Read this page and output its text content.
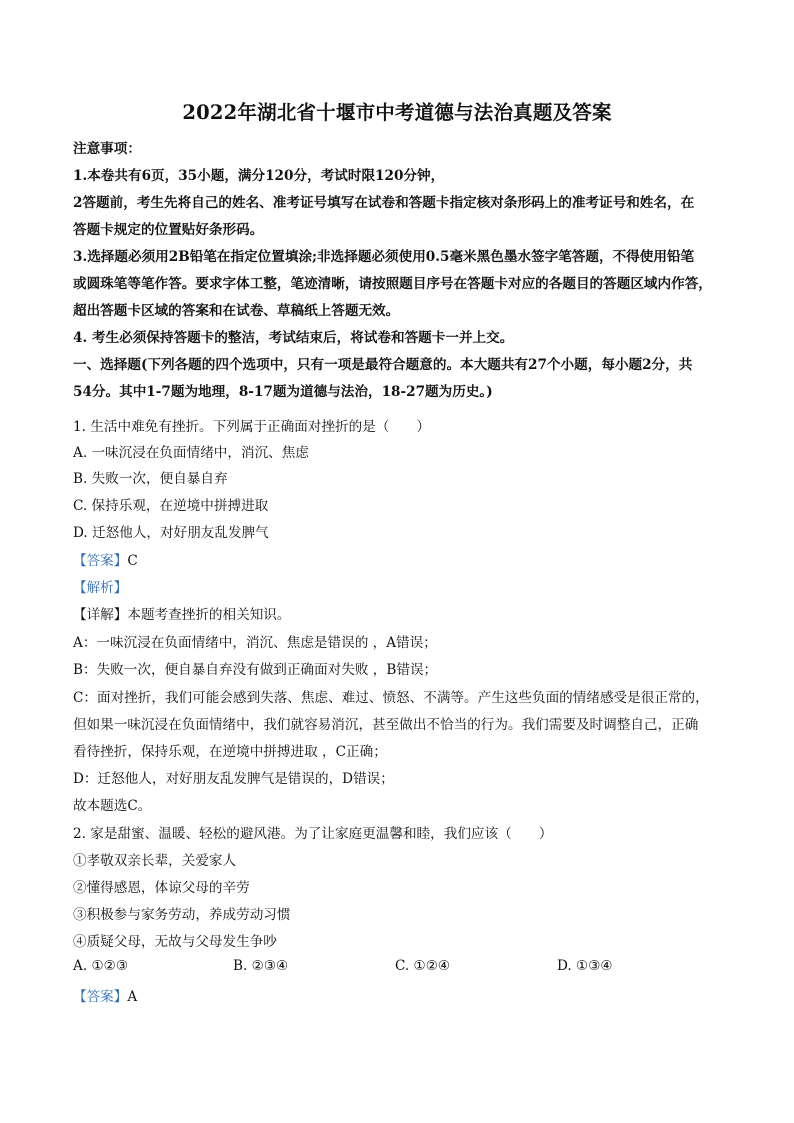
2022年湖北省十堰市中考道德与法治真题及答案
注意事项：
1.本卷共有6页，35小题，满分120分，考试时限120分钟，
2答题前，考生先将自己的姓名、准考证号填写在试卷和答题卡指定核对条形码上的准考证号和姓名，在
答题卡规定的位置贴好条形码。
3.选择题必须用2B铅笔在指定位置填涂;非选择题必须使用0.5毫米黑色墨水签字笔答题，不得使用铅笔
或圆珠笔等笔作答。要求字体工整，笔迹清晰，请按照题目序号在答题卡对应的各题目的答题区域内作答，
超出答题卡区域的答案和在试卷、草稿纸上答题无效。
4. 考生必须保持答题卡的整洁，考试结束后，将试卷和答题卡一并上交。
一、选择题(下列各题的四个选项中，只有一项是最符合题意的。本大题共有27个小题，每小题2分，共
54分。其中1-7题为地理，8-17题为道德与法治，18-27题为历史。)
1. 生活中难免有挫折。下列属于正确面对挫折的是（　　）
A. 一味沉浸在负面情绪中，消沉、焦虑
B. 失败一次，便自暴自弃
C. 保持乐观，在逆境中拼搏进取
D. 迁怒他人，对好朋友乱发脾气
【答案】C
【解析】
【详解】本题考查挫折的相关知识。
A：一味沉浸在负面情绪中，消沉、焦虑是错误的 ，A错误；
B：失败一次，便自暴自弃没有做到正确面对失败 ，B错误；
C：面对挫折，我们可能会感到失落、焦虑、难过、愤怒、不满等。产生这些负面的情绪感受是很正常的，
但如果一味沉浸在负面情绪中，我们就容易消沉，甚至做出不恰当的行为。我们需要及时调整自己，正确
看待挫折，保持乐观，在逆境中拼搏进取 ，C正确；
D：迁怒他人，对好朋友乱发脾气是错误的，D错误；
故本题选C。
2. 家是甜蜜、温暖、轻松的避风港。为了让家庭更温馨和睦，我们应该（　　）
①孝敬双亲长辈，关爱家人
②懂得感恩，体谅父母的辛劳
③积极参与家务劳动，养成劳动习惯
④质疑父母，无故与父母发生争吵
A. ①②③	B. ②③④	C. ①②④	D. ①③④
【答案】A
